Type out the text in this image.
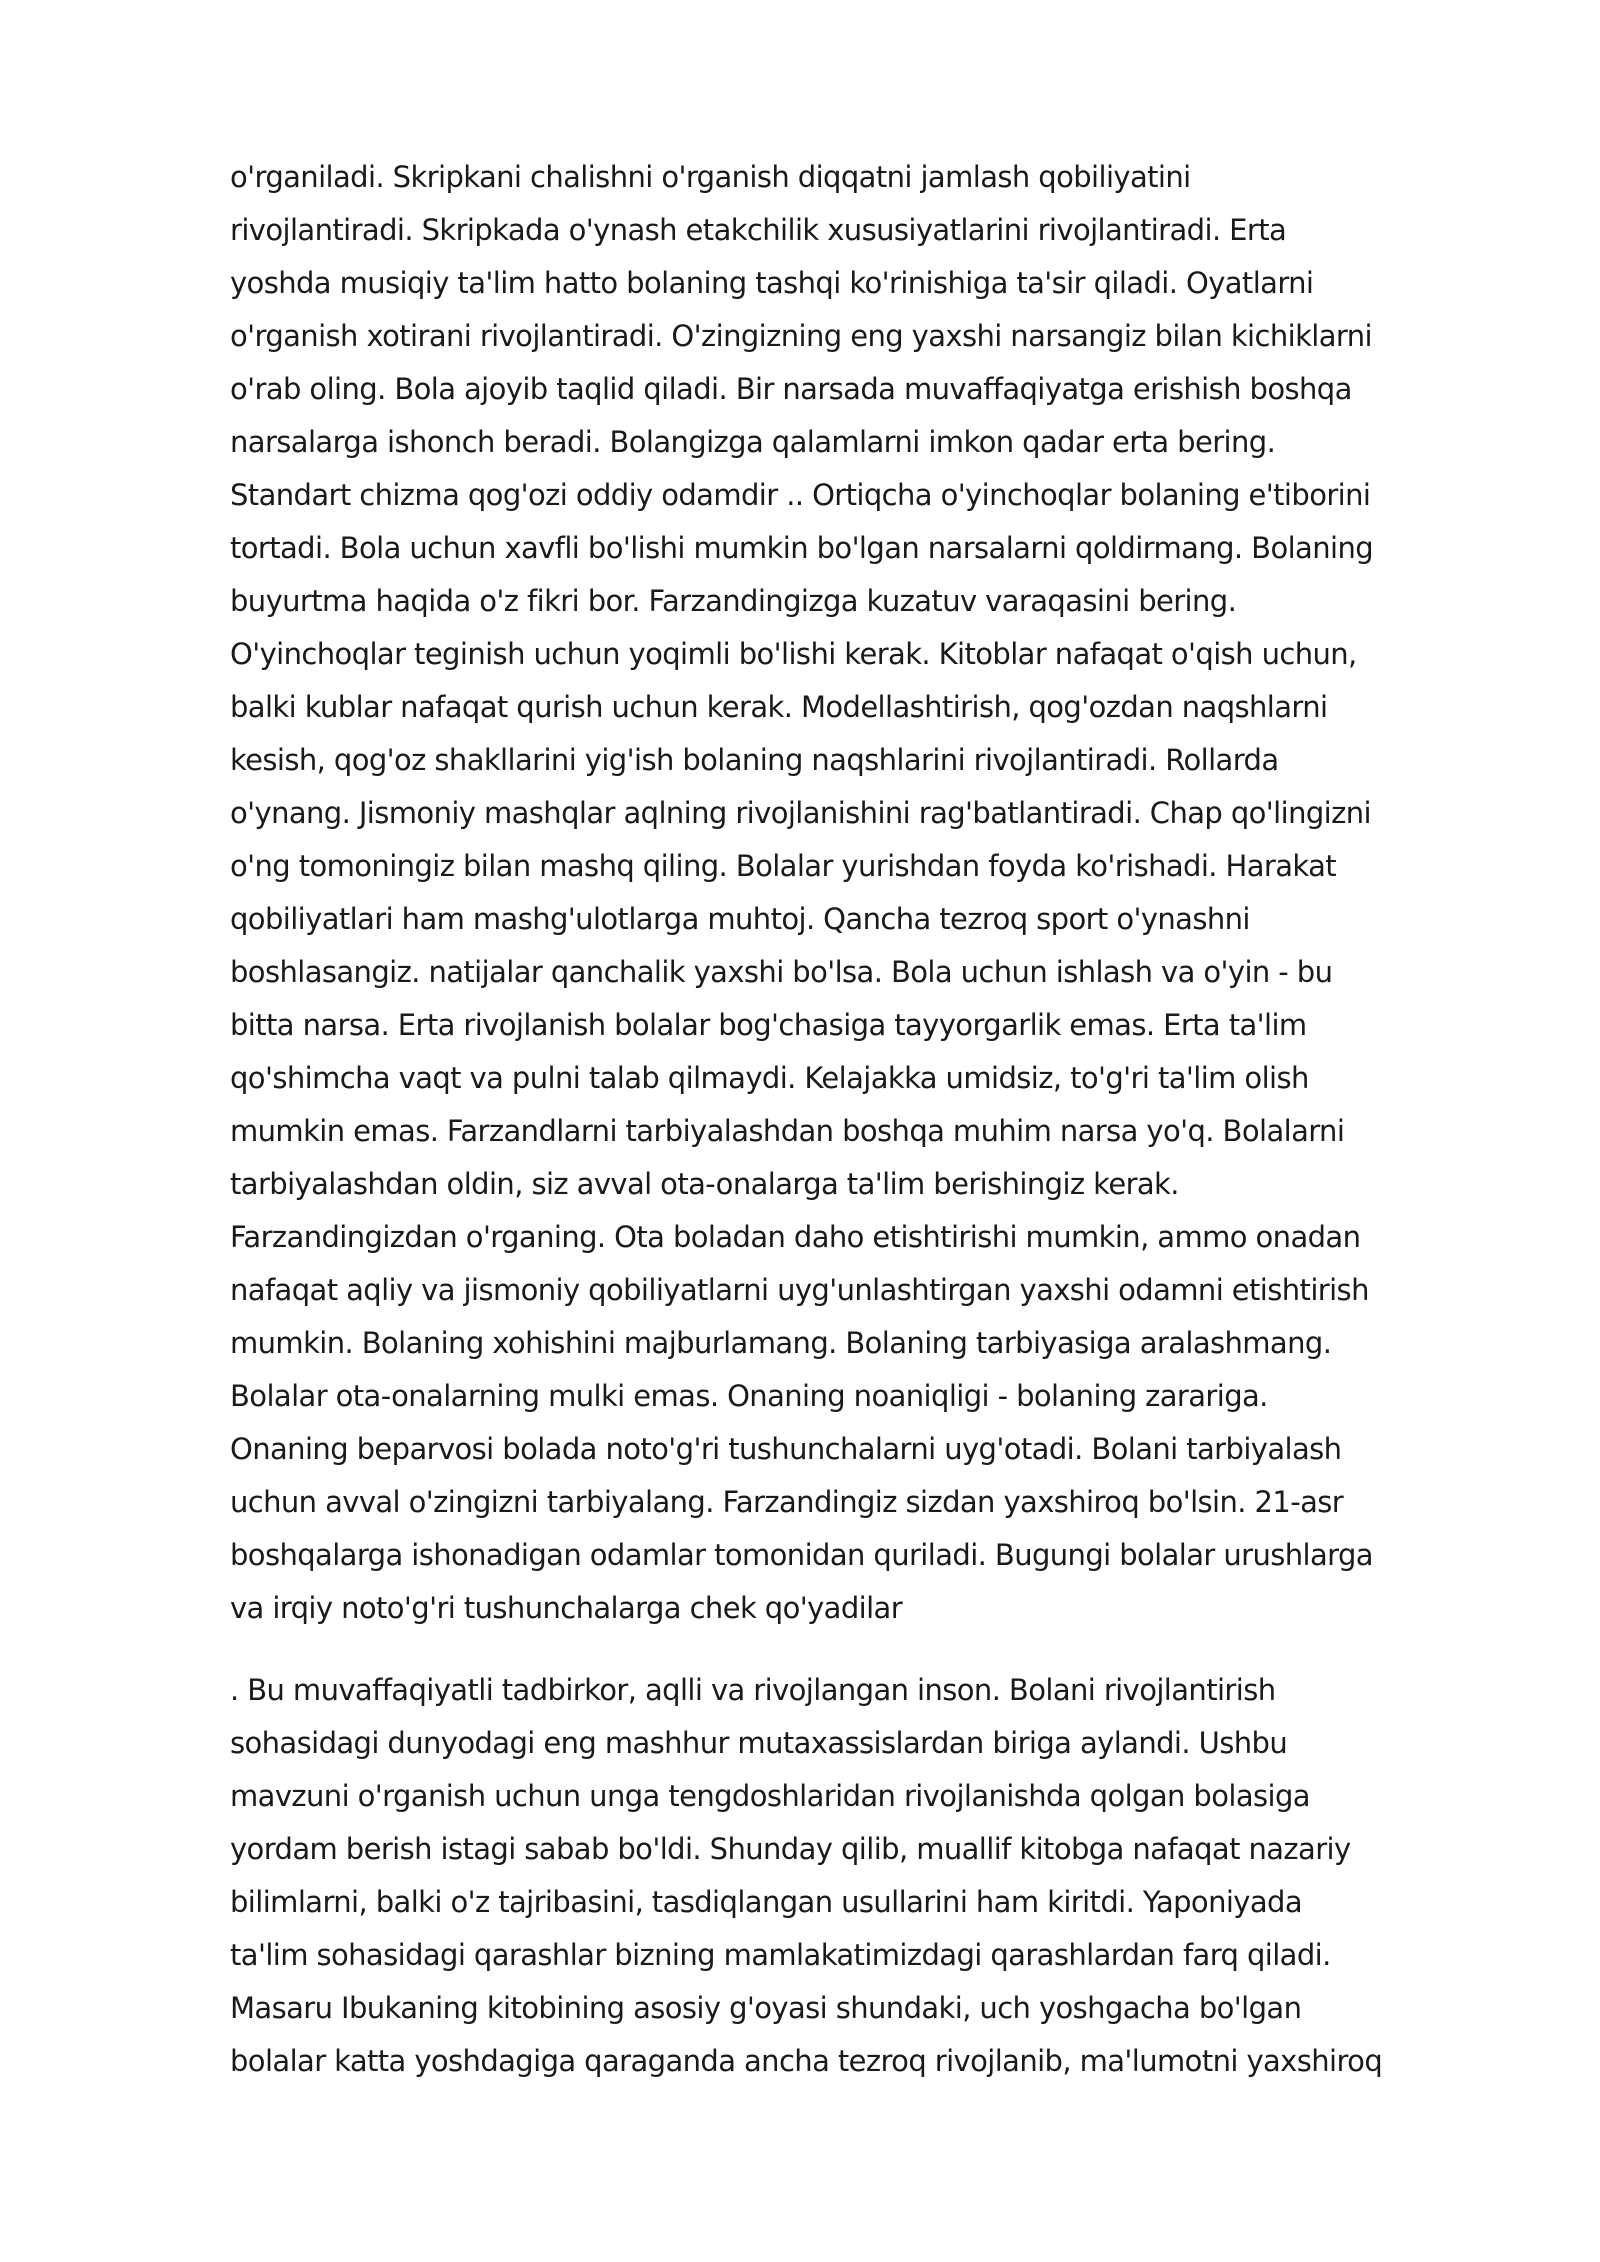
o'rganiladi. Skripkani chalishni o'rganish diqqatni jamlash qobiliyatini
rivojlantiradi. Skripkada o'ynash etakchilik xususiyatlarini rivojlantiradi. Erta
yoshda musiqiy ta'lim hatto bolaning tashqi ko'rinishiga ta'sir qiladi. Oyatlarni
o'rganish xotirani rivojlantiradi. O'zingizning eng yaxshi narsangiz bilan kichiklarni
o'rab oling. Bola ajoyib taqlid qiladi. Bir narsada muvaffaqiyatga erishish boshqa
narsalarga ishonch beradi. Bolangizga qalamlarni imkon qadar erta bering.
Standart chizma qog'ozi oddiy odamdir .. Ortiqcha o'yinchoqlar bolaning e'tiborini
tortadi. Bola uchun xavfli bo'lishi mumkin bo'lgan narsalarni qoldirmang. Bolaning
buyurtma haqida o'z fikri bor. Farzandingizga kuzatuv varaqasini bering.
O'yinchoqlar teginish uchun yoqimli bo'lishi kerak. Kitoblar nafaqat o'qish uchun,
balki kublar nafaqat qurish uchun kerak. Modellashtirish, qog'ozdan naqshlarni
kesish, qog'oz shakllarini yig'ish bolaning naqshlarini rivojlantiradi. Rollarda
o'ynang. Jismoniy mashqlar aqlning rivojlanishini rag'batlantiradi. Chap qo'lingizni
o'ng tomoningiz bilan mashq qiling. Bolalar yurishdan foyda ko'rishadi. Harakat
qobiliyatlari ham mashg'ulotlarga muhtoj. Qancha tezroq sport o'ynashni
boshlasangiz. natijalar qanchalik yaxshi bo'lsa. Bola uchun ishlash va o'yin - bu
bitta narsa. Erta rivojlanish bolalar bog'chasiga tayyorgarlik emas. Erta ta'lim
qo'shimcha vaqt va pulni talab qilmaydi. Kelajakka umidsiz, to'g'ri ta'lim olish
mumkin emas. Farzandlarni tarbiyalashdan boshqa muhim narsa yo'q. Bolalarni
tarbiyalashdan oldin, siz avval ota-onalarga ta'lim berishingiz kerak.
Farzandingizdan o'rganing. Ota boladan daho etishtirishi mumkin, ammo onadan
nafaqat aqliy va jismoniy qobiliyatlarni uyg'unlashtirgan yaxshi odamni etishtirish
mumkin. Bolaning xohishini majburlamang. Bolaning tarbiyasiga aralashmang.
Bolalar ota-onalarning mulki emas. Onaning noaniqligi - bolaning zarariga.
Onaning beparvosi bolada noto'g'ri tushunchalarni uyg'otadi. Bolani tarbiyalash
uchun avval o'zingizni tarbiyalang. Farzandingiz sizdan yaxshiroq bo'lsin. 21-asr
boshqalarga ishonadigan odamlar tomonidan quriladi. Bugungi bolalar urushlarga
va irqiy noto'g'ri tushunchalarga chek qo'yadilar
. Bu muvaffaqiyatli tadbirkor, aqlli va rivojlangan inson. Bolani rivojlantirish
sohasidagi dunyodagi eng mashhur mutaxassislardan biriga aylandi. Ushbu
mavzuni o'rganish uchun unga tengdoshlaridan rivojlanishda qolgan bolasiga
yordam berish istagi sabab bo'ldi. Shunday qilib, muallif kitobga nafaqat nazariy
bilimlarni, balki o'z tajribasini, tasdiqlangan usullarini ham kiritdi. Yaponiyada
ta'lim sohasidagi qarashlar bizning mamlakatimizdagi qarashlardan farq qiladi.
Masaru Ibukaning kitobining asosiy g'oyasi shundaki, uch yoshgacha bo'lgan
bolalar katta yoshdagiga qaraganda ancha tezroq rivojlanib, ma'lumotni yaxshiroq
